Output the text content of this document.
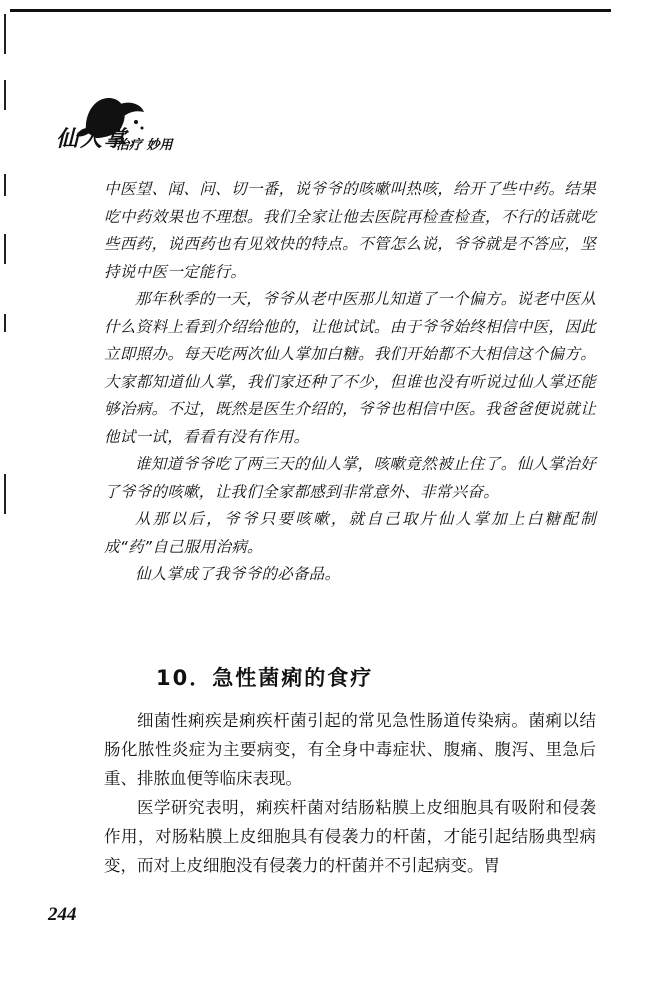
仙人掌
治疗 妙用

中医望、闻、问、切一番，说爷爷的咳嗽叫热咳，给开了些中药。结果吃中药效果也不理想。我们全家让他去医院再检查检查，不行的话就吃些西药，说西药也有见效快的特点。不管怎么说，爷爷就是不答应，坚持说中医一定能行。

那年秋季的一天，爷爷从老中医那儿知道了一个偏方。说老中医从什么资料上看到介绍给他的，让他试试。由于爷爷始终相信中医，因此立即照办。每天吃两次仙人掌加白糖。我们开始都不大相信这个偏方。大家都知道仙人掌，我们家还种了不少，但谁也没有听说过仙人掌还能够治病。不过，既然是医生介绍的，爷爷也相信中医。我爸爸便说就让他试一试，看看有没有作用。

谁知道爷爷吃了两三天的仙人掌，咳嗽竟然被止住了。仙人掌治好了爷爷的咳嗽，让我们全家都感到非常意外、非常兴奋。

从那以后，爷爷只要咳嗽，就自己取片仙人掌加上白糖配制成“药”自己服用治病。

仙人掌成了我爷爷的必备品。

10．急性菌痢的食疗

细菌性痢疾是痢疾杆菌引起的常见急性肠道传染病。菌痢以结肠化脓性炎症为主要病变，有全身中毒症状、腹痛、腹泻、里急后重、排脓血便等临床表现。

医学研究表明，痢疾杆菌对结肠粘膜上皮细胞具有吸附和侵袭作用，对肠粘膜上皮细胞具有侵袭力的杆菌，才能引起结肠典型病变，而对上皮细胞没有侵袭力的杆菌并不引起病变。胃

244
